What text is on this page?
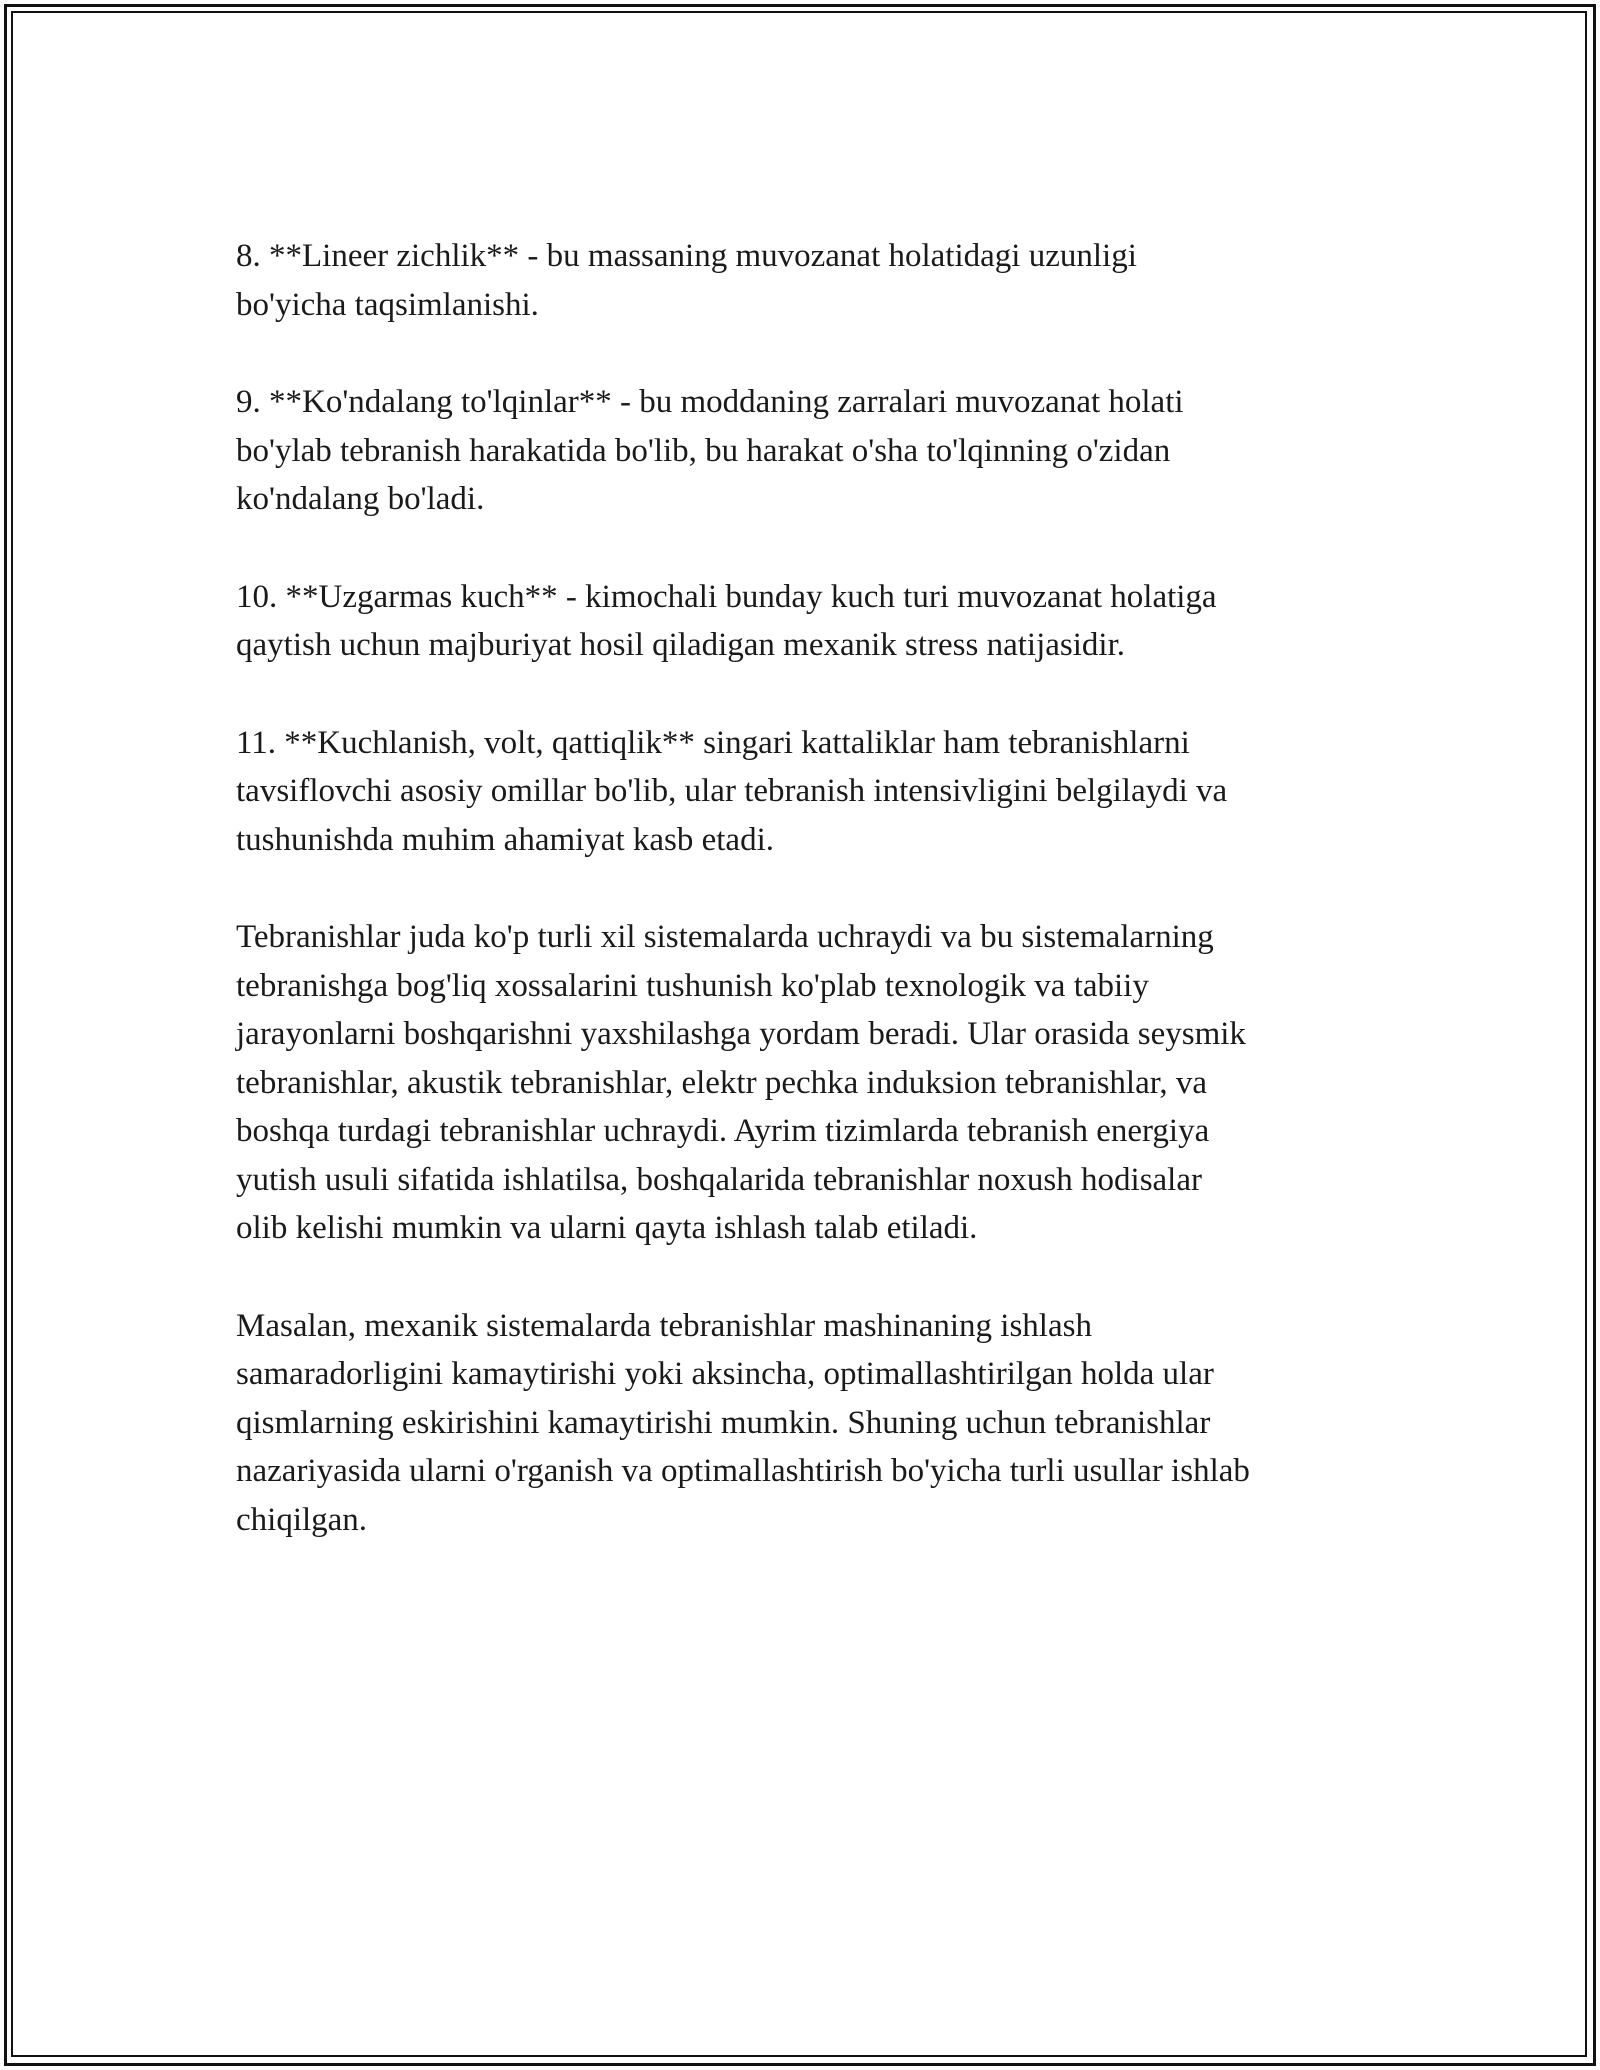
8. **Lineer zichlik** - bu massaning muvozanat holatidagi uzunligi
bo'yicha taqsimlanishi.

9. **Ko'ndalang to'lqinlar** - bu moddaning zarralari muvozanat holati
bo'ylab tebranish harakatida bo'lib, bu harakat o'sha to'lqinning o'zidan
ko'ndalang bo'ladi.

10. **Uzgarmas kuch** - kimochali bunday kuch turi muvozanat holatiga
qaytish uchun majburiyat hosil qiladigan mexanik stress natijasidir.

11. **Kuchlanish, volt, qattiqlik** singari kattaliklar ham tebranishlarni
tavsiflovchi asosiy omillar bo'lib, ular tebranish intensivligini belgilaydi va
tushunishda muhim ahamiyat kasb etadi.

Tebranishlar juda ko'p turli xil sistemalarda uchraydi va bu sistemalarning
tebranishga bog'liq xossalarini tushunish ko'plab texnologik va tabiiy
jarayonlarni boshqarishni yaxshilashga yordam beradi. Ular orasida seysmik
tebranishlar, akustik tebranishlar, elektr pechka induksion tebranishlar, va
boshqa turdagi tebranishlar uchraydi. Ayrim tizimlarda tebranish energiya
yutish usuli sifatida ishlatilsa, boshqalarida tebranishlar noxush hodisalar
olib kelishi mumkin va ularni qayta ishlash talab etiladi.

Masalan, mexanik sistemalarda tebranishlar mashinaning ishlash
samaradorligini kamaytirishi yoki aksincha, optimallashtirilgan holda ular
qismlarning eskirishini kamaytirishi mumkin. Shuning uchun tebranishlar
nazariyasida ularni o'rganish va optimallashtirish bo'yicha turli usullar ishlab
chiqilgan.
